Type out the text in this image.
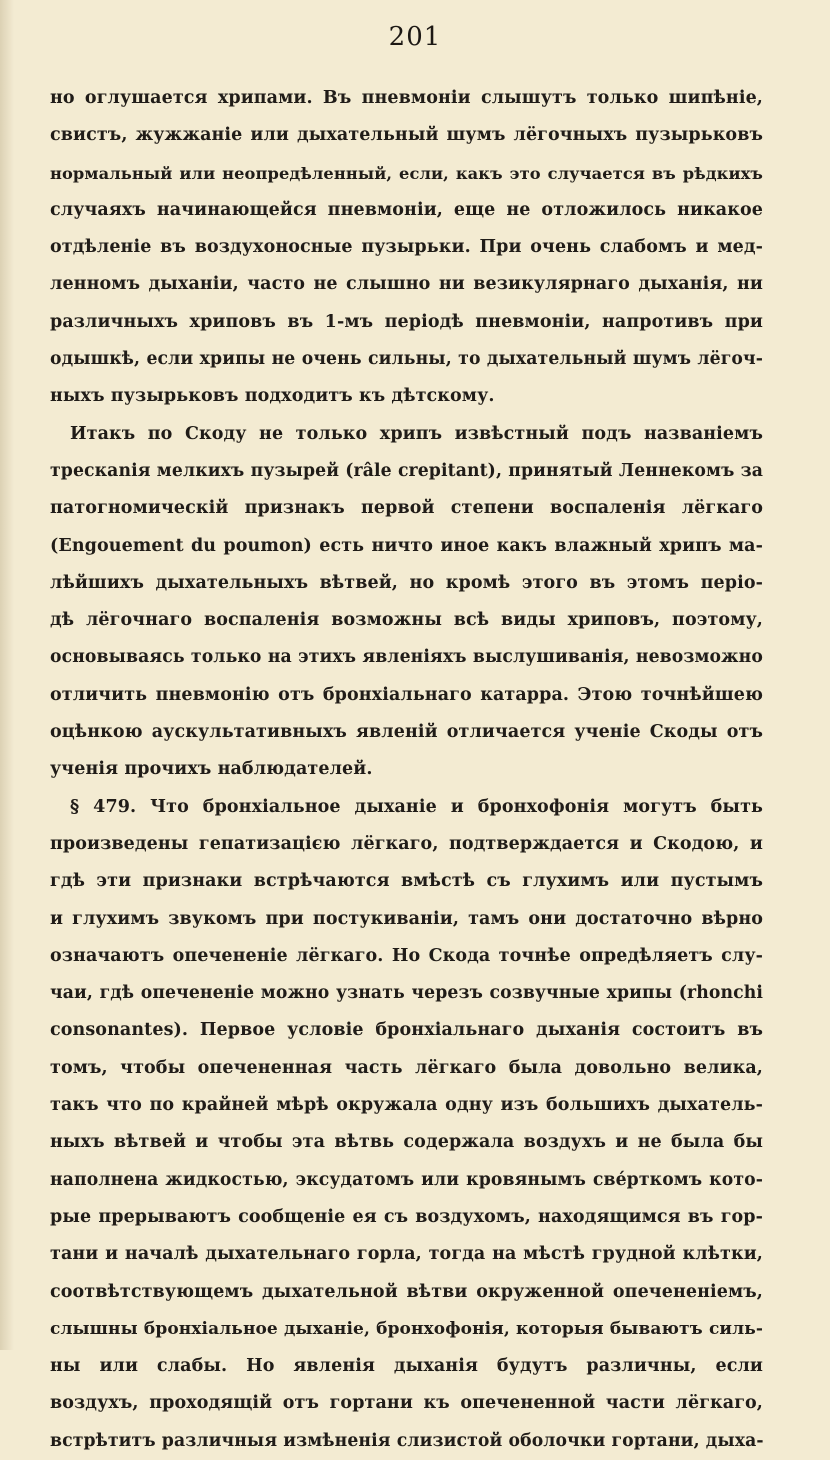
201
но оглушается хрипами. Въ пневмоніи слышутъ только шипѣніе,
свистъ, жужжаніе или дыхательный шумъ лёгочныхъ пузырьковъ
нормальный или неопредѣленный, если, какъ это случается въ рѣдкихъ
случаяхъ начинающейся пневмоніи, еще не отложилось никакое
отдѣленіе въ воздухоносные пузырьки. При очень слабомъ и мед-
ленномъ дыханіи, часто не слышно ни везикулярнаго дыханія, ни
различныхъ хриповъ въ 1-мъ періодѣ пневмоніи, напротивъ при
одышкѣ, если хрипы не очень сильны, то дыхательный шумъ лёгоч-
ныхъ пузырьковъ подходитъ къ дѣтскому.
Итакъ по Скоду не только хрипъ извѣстный подъ названіемъ
трескаnія мелкихъ пузырей (râle crepitant), принятый Леннекомъ за
патогномическій признакъ первой степени воспаленія лёгкаго
(Engouement du poumon) есть ничто иное какъ влажный хрипъ ма-
лѣйшихъ дыхательныхъ вѣтвей, но кромѣ этого въ этомъ періо-
дѣ лёгочнаго воспаленія возможны всѣ виды хриповъ, поэтому,
основываясь только на этихъ явленіяхъ выслушиванія, невозможно
отличить пневмонію отъ бронхіальнаго катарра. Этою точнѣйшею
оцѣнкою аускультативныхъ явленій отличается ученіе Скоды отъ
ученія прочихъ наблюдателей.
§ 479. Что бронхіальное дыханіе и бронхофонія могутъ быть
произведены гепатизацією лёгкаго, подтверждается и Скодою, и
гдѣ эти признаки встрѣчаются вмѣстѣ съ глухимъ или пустымъ
и глухимъ звукомъ при постукиваніи, тамъ они достаточно вѣрно
означаютъ опечененіе лёгкаго. Но Скода точнѣе опредѣляетъ слу-
чаи, гдѣ опечененіе можно узнать черезъ созвучные хрипы (rhonchi
consonantes). Первое условіе бронхіальнаго дыханія состоитъ въ
томъ, чтобы опечененная часть лёгкаго была довольно велика,
такъ что по крайней мѣрѣ окружала одну изъ большихъ дыхатель-
ныхъ вѣтвей и чтобы эта вѣтвь содержала воздухъ и не была бы
наполнена жидкостью, эксудатомъ или кровянымъ свéрткомъ кото-
рые прерываютъ сообщеніе ея съ воздухомъ, находящимся въ гор-
тани и началѣ дыхательнаго горла, тогда на мѣстѣ грудной клѣтки,
соотвѣтствующемъ дыхательной вѣтви окруженной опечененіемъ,
слышны бронхіальное дыханіе, бронхофонія, которыя бываютъ силь-
ны или слабы. Но явленія дыханія будутъ различны, если
воздухъ, проходящій отъ гортани къ опечененной части лёгкаго,
встрѣтитъ различныя измѣненія слизистой оболочки гортани, дыха-
